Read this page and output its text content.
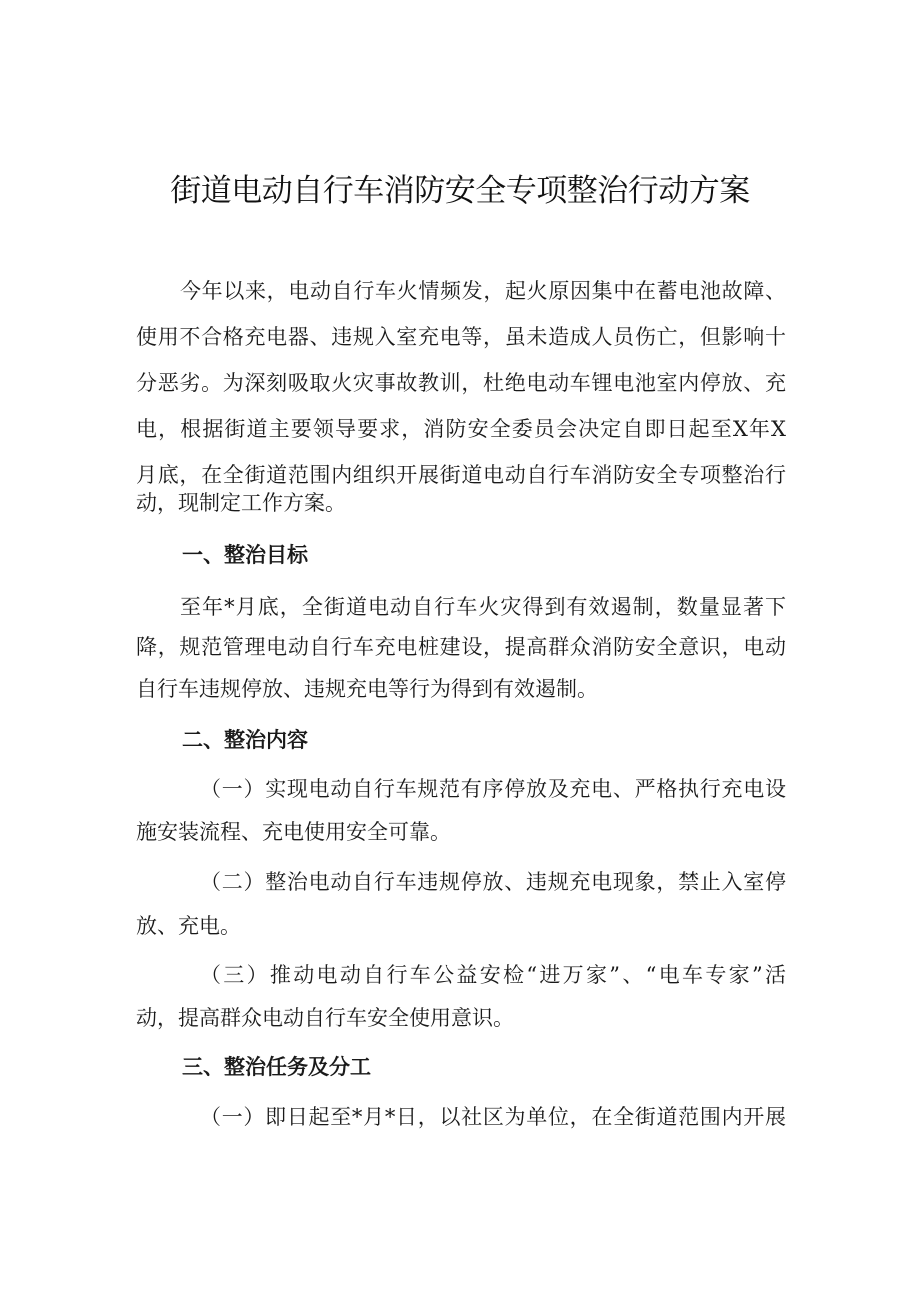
街道电动自行车消防安全专项整治行动方案

今年以来，电动自行车火情频发，起火原因集中在蓄电池故障、

使用不合格充电器、违规入室充电等，虽未造成人员伤亡，但影响十

分恶劣。为深刻吸取火灾事故教训，杜绝电动车锂电池室内停放、充

电，根据街道主要领导要求，消防安全委员会决定自即日起至X年X

月底，在全街道范围内组织开展街道电动自行车消防安全专项整治行

动，现制定工作方案。

一、整治目标

至年*月底，全街道电动自行车火灾得到有效遏制，数量显著下

降，规范管理电动自行车充电桩建设，提高群众消防安全意识，电动

自行车违规停放、违规充电等行为得到有效遏制。

二、整治内容

（一）实现电动自行车规范有序停放及充电、严格执行充电设

施安装流程、充电使用安全可靠。

（二）整治电动自行车违规停放、违规充电现象，禁止入室停

放、充电。

（三）推动电动自行车公益安检“进万家”、“电车专家”活

动，提高群众电动自行车安全使用意识。

三、整治任务及分工

（一）即日起至*月*日，以社区为单位，在全街道范围内开展
